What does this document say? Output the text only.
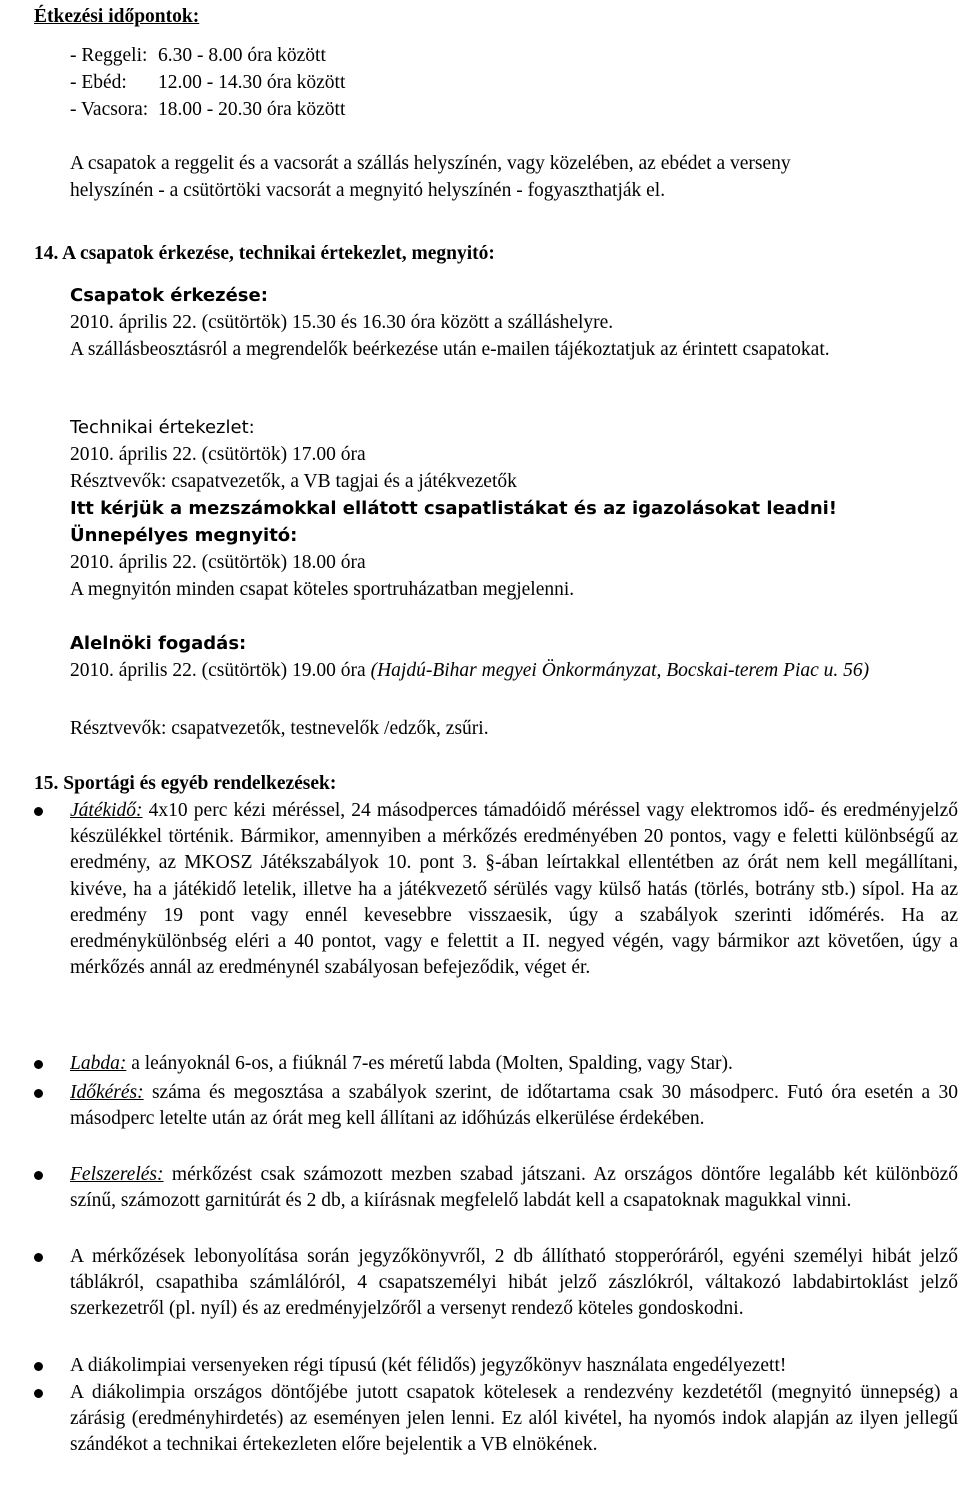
Étkezési időpontok:
- Reggeli: 6.30 - 8.00 óra között
- Ebéd: 12.00 - 14.30 óra között
- Vacsora: 18.00 - 20.30 óra között
A csapatok a reggelit és a vacsorát a szállás helyszínén, vagy közelében, az ebédet a verseny
helyszínén - a csütörtöki vacsorát a megnyitó helyszínén - fogyaszthatják el.
14. A csapatok érkezése, technikai értekezlet, megnyitó:
Csapatok érkezése:
2010. április 22. (csütörtök) 15.30 és 16.30 óra között a szálláshelyre.
A szállásbeosztásról a megrendelők beérkezése után e-mailen tájékoztatjuk az érintett csapatokat.
Technikai értekezlet:
2010. április 22. (csütörtök) 17.00 óra
Résztvevők: csapatvezetők, a VB tagjai és a játékvezetők
Itt kérjük a mezszámokkal ellátott csapatlistákat és az igazolásokat leadni!
Ünnepélyes megnyitó:
2010. április 22. (csütörtök) 18.00 óra
A megnyitón minden csapat köteles sportruházatban megjelenni.
Alelnöki fogadás:
2010. április 22. (csütörtök) 19.00 óra (Hajdú-Bihar megyei Önkormányzat, Bocskai-terem Piac u. 56)
Résztvevők: csapatvezetők, testnevelők /edzők, zsűri.
15. Sportági és egyéb rendelkezések:
Játékidő: 4x10 perc kézi méréssel, 24 másodperces támadóidő méréssel vagy elektromos idő- és eredményjelző készülékkel történik. Bármikor, amennyiben a mérkőzés eredményében 20 pontos, vagy e feletti különbségű az eredmény, az MKOSZ Játékszabályok 10. pont 3. §-ában leírtakkal ellentétben az órát nem kell megállítani, kivéve, ha a játékidő letelik, illetve ha a játékvezető sérülés vagy külső hatás (törlés, botrány stb.) sípol. Ha az eredmény 19 pont vagy ennél kevesebbre visszaesik, úgy a szabályok szerinti időmérés. Ha az eredménykülönbség eléri a 40 pontot, vagy e felettit a II. negyed végén, vagy bármikor azt követően, úgy a mérkőzés annál az eredménynél szabályosan befejeződik, véget ér.
Labda: a leányoknál 6-os, a fiúknál 7-es méretű labda (Molten, Spalding, vagy Star).
Időkérés: száma és megosztása a szabályok szerint, de időtartama csak 30 másodperc. Futó óra esetén a 30 másodperc letelte után az órát meg kell állítani az időhúzás elkerülése érdekében.
Felszerelés: mérkőzést csak számozott mezben szabad játszani. Az országos döntőre legalább két különböző színű, számozott garnitúrát és 2 db, a kiírásnak megfelelő labdát kell a csapatoknak magukkal vinni.
A mérkőzések lebonyolítása során jegyzőkönyvről, 2 db állítható stopperóráról, egyéni személyi hibát jelző táblákról, csapathiba számlálóról, 4 csapatszemélyi hibát jelző zászlókról, váltakozó labdabirtoklást jelző szerkezetről (pl. nyíl) és az eredményjelzőről a versenyt rendező köteles gondoskodni.
A diákolimpiai versenyeken régi típusú (két félidős) jegyzőkönyv használata engedélyezett!
A diákolimpia országos döntőjébe jutott csapatok kötelesek a rendezvény kezdetétől (megnyitó ünnepség) a zárásig (eredményhirdetés) az eseményen jelen lenni. Ez alól kivétel, ha nyomós indok alapján az ilyen jellegű szándékot a technikai értekezleten előre bejelentik a VB elnökének.
